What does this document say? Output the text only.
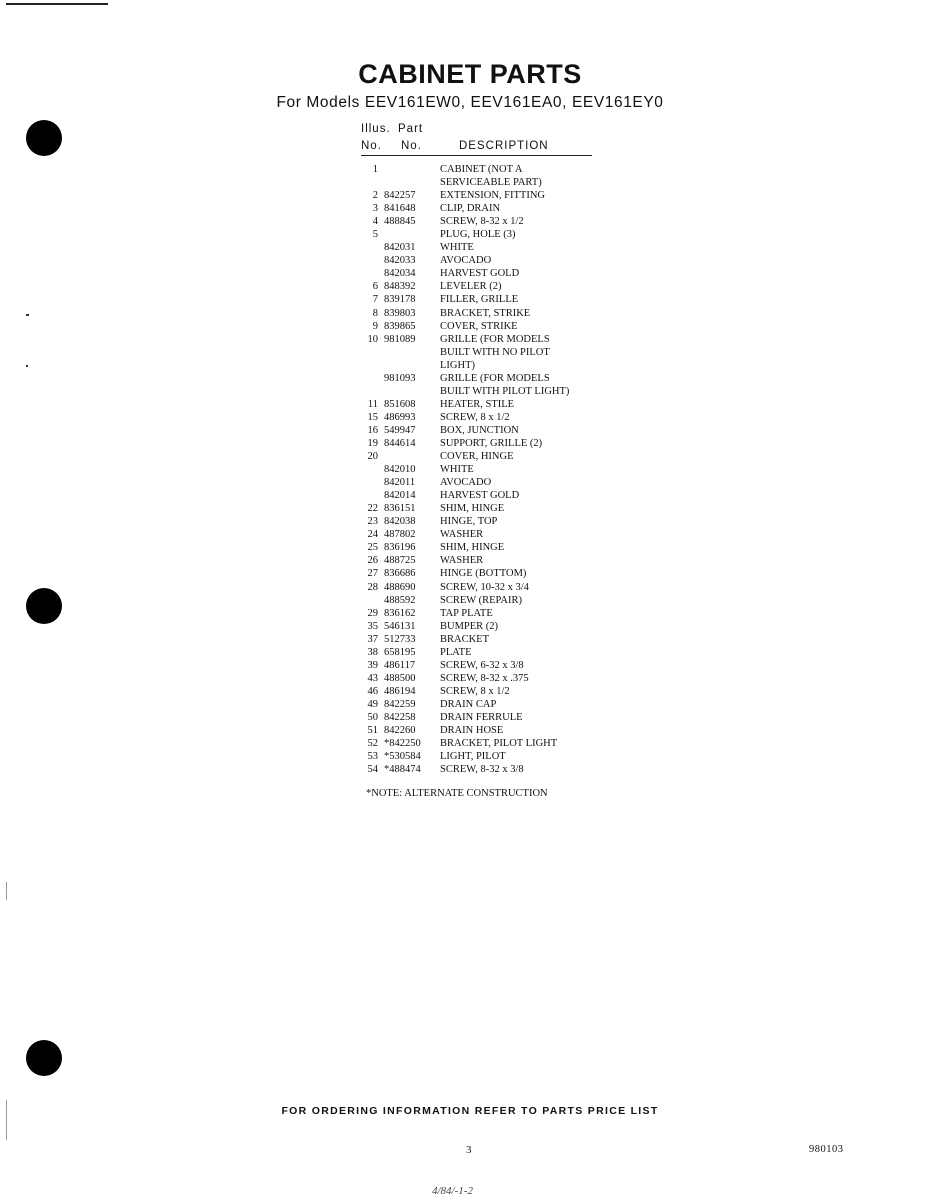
CABINET PARTS
For Models EEV161EW0, EEV161EA0, EEV161EY0
Illus. Part
No. No.	DESCRIPTION
1	CABINET (NOT A
SERVICEABLE PART)
2 842257 EXTENSION, FITTING
3 841648 CLIP, DRAIN
4 488845 SCREW, 8-32 x 1/2
5	PLUG, HOLE (3)
842031 WHITE
842033 AVOCADO
842034 HARVEST GOLD
6 848392 LEVELER (2)
7 839178 FILLER, GRILLE
8 839803 BRACKET, STRIKE
9 839865 COVER, STRIKE
10 981089 GRILLE (FOR MODELS
BUILT WITH NO PILOT
LIGHT)
981093 GRILLE (FOR MODELS
BUILT WITH PILOT LIGHT)
11 851608 HEATER, STILE
15 486993 SCREW, 8 x 1/2
16 549947 BOX, JUNCTION
19 844614 SUPPORT, GRILLE (2)
20	COVER, HINGE
842010 WHITE
842011 AVOCADO
842014 HARVEST GOLD
22 836151 SHIM, HINGE
23 842038 HINGE, TOP
24 487802 WASHER
25 836196 SHIM, HINGE
26 488725 WASHER
27 836686 HINGE (BOTTOM)
28 488690 SCREW, 10-32 x 3/4
488592 SCREW (REPAIR)
29 836162 TAP PLATE
35 546131 BUMPER (2)
37 512733 BRACKET
38 658195 PLATE
39 486117 SCREW, 6-32 x 3/8
43 488500 SCREW, 8-32 x .375
46 486194 SCREW, 8 x 1/2
49 842259 DRAIN CAP
50 842258 DRAIN FERRULE
51 842260 DRAIN HOSE
52 *842250 BRACKET, PILOT LIGHT
53 *530584 LIGHT, PILOT
54 *488474 SCREW, 8-32 x 3/8
*NOTE: ALTERNATE CONSTRUCTION
FOR ORDERING INFORMATION REFER TO PARTS PRICE LIST
3	980103
4/84/-1-2
